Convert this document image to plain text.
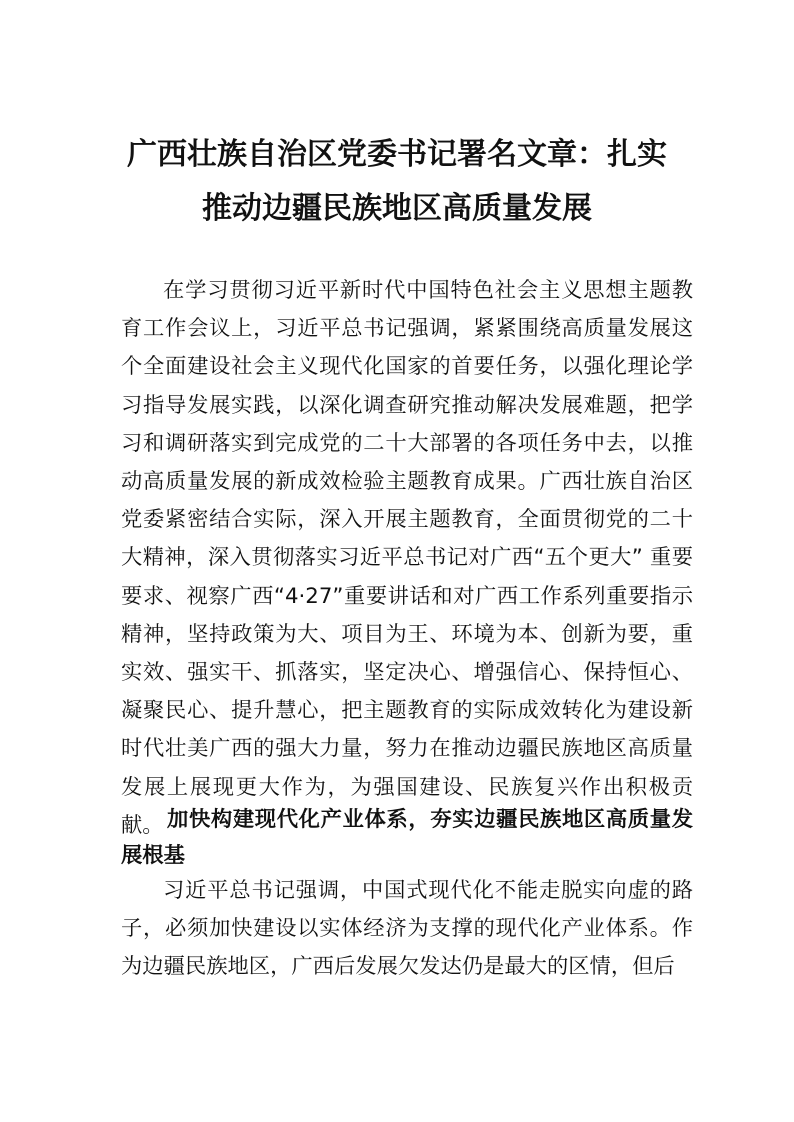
广西壮族自治区党委书记署名文章：扎实
推动边疆民族地区高质量发展

在学习贯彻习近平新时代中国特色社会主义思想主题教育工作会议上，习近平总书记强调，紧紧围绕高质量发展这个全面建设社会主义现代化国家的首要任务，以强化理论学习指导发展实践，以深化调查研究推动解决发展难题，把学习和调研落实到完成党的二十大部署的各项任务中去，以推动高质量发展的新成效检验主题教育成果。广西壮族自治区党委紧密结合实际，深入开展主题教育，全面贯彻党的二十大精神，深入贯彻落实习近平总书记对广西“五个更大” 重要要求、视察广西“4·27”重要讲话和对广西工作系列重要指示精神，坚持政策为大、项目为王、环境为本、创新为要，重实效、强实干、抓落实，坚定决心、增强信心、保持恒心、凝聚民心、提升慧心，把主题教育的实际成效转化为建设新时代壮美广西的强大力量，努力在推动边疆民族地区高质量发展上展现更大作为，为强国建设、民族复兴作出积极贡献。 加快构建现代化产业体系，夯实边疆民族地区高质量发展根基

习近平总书记强调，中国式现代化不能走脱实向虚的路子，必须加快建设以实体经济为支撑的现代化产业体系。作为边疆民族地区，广西后发展欠发达仍是最大的区情，但后
